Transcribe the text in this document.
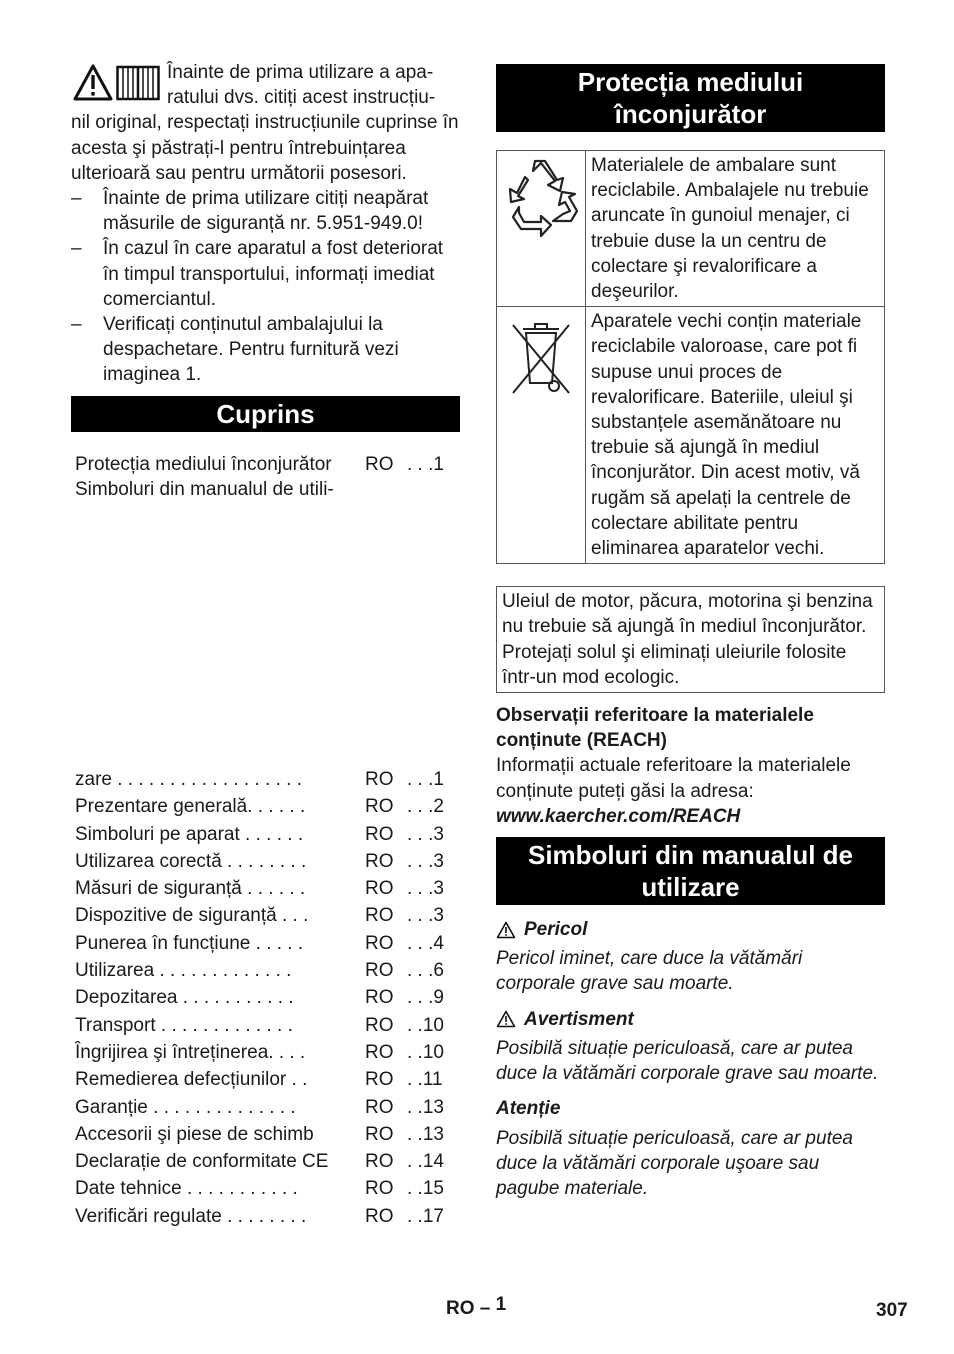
Înainte de prima utilizare a apa-
ratului dvs. citiți acest instrucțiu-
nil original, respectați instrucțiunile cuprinse în acesta şi păstrați-l pentru întrebuințarea ulterioară sau pentru următorii posesori.
–	Înainte de prima utilizare citiți neapărat măsurile de siguranță nr. 5.951-949.0!
–	În cazul în care aparatul a fost deteriorat în timpul transportului, informați imediat comerciantul.
–	Verificați conținutul ambalajului la despachetare. Pentru furnitură vezi imaginea 1.
Cuprins
Protecția mediului înconjurător	RO . . .1
Simboluri din manualul de utili-
zare . . . . . . . . . . . . . . . . . .	RO . . .1
Prezentare generală. . . . . .	RO . . .2
Simboluri pe aparat . . . . . .	RO . . .3
Utilizarea corectă . . . . . . . .	RO . . .3
Măsuri de siguranță . . . . . .	RO . . .3
Dispozitive de siguranță . . .	RO . . .3
Punerea în funcțiune . . . . .	RO . . .4
Utilizarea . . . . . . . . . . . . .	RO . . .6
Depozitarea . . . . . . . . . . .	RO . . .9
Transport . . . . . . . . . . . . .	RO . .10
Îngrijirea şi întreținerea. . . .	RO . .10
Remedierea defecțiunilor . .	RO . .11
Garanție . . . . . . . . . . . . . .	RO . .13
Accesorii şi piese de schimb	RO . .13
Declarație de conformitate CE	RO . .14
Date tehnice . . . . . . . . . . .	RO . .15
Verificări regulate . . . . . . . .	RO . .17
Protecția mediului
înconjurător
	Materialele de ambalare sunt reciclabile. Ambalajele nu trebuie aruncate în gunoiul menajer, ci trebuie duse la un centru de colectare şi revalorificare a deşeurilor.
	Aparatele vechi conțin materiale reciclabile valoroase, care pot fi supuse unui proces de revalorificare. Bateriile, uleiul şi substanțele asemănătoare nu trebuie să ajungă în mediul înconjurător. Din acest motiv, vă rugăm să apelați la centrele de colectare abilitate pentru eliminarea aparatelor vechi.
Uleiul de motor, păcura, motorina şi benzina nu trebuie să ajungă în mediul înconjurător. Protejați solul şi eliminați uleiurile folosite într-un mod ecologic.
Observații referitoare la materialele conținute (REACH)
Informații actuale referitoare la materialele conținute puteți găsi la adresa:
www.kaercher.com/REACH
Simboluri din manualul de
utilizare
Pericol
Pericol iminet, care duce la vătămări corporale grave sau moarte.
Avertisment
Posibilă situație periculoasă, care ar putea duce la vătămări corporale grave sau moarte.
Atenție
Posibilă situație periculoasă, care ar putea duce la vătămări corporale uşoare sau pagube materiale.
RO – 1	307
